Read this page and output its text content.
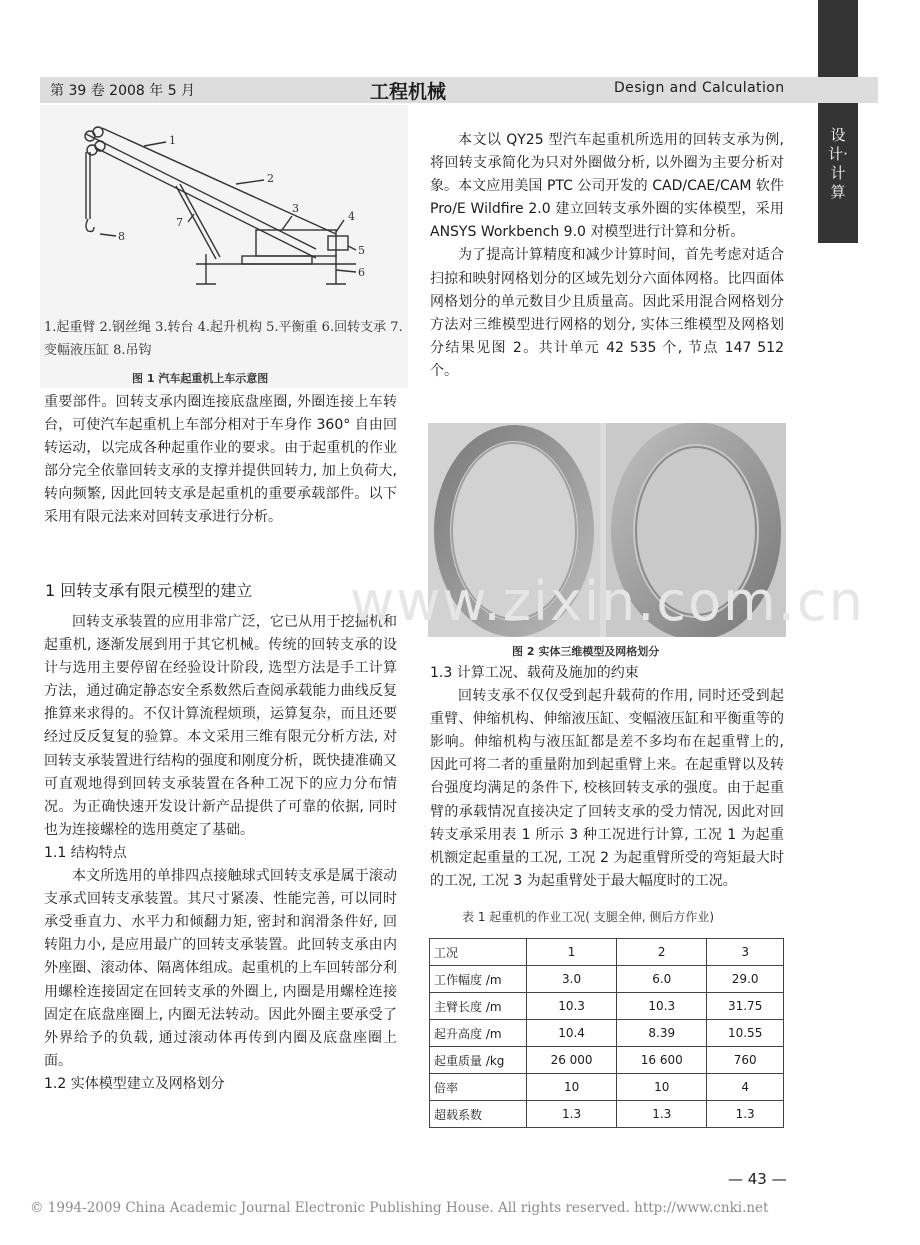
设计·计算
第 39 卷 2008 年 5 月	工程机械	Design and Calculation
1
2
3
4
5
6
7
8
1.起重臂 2.钢丝绳 3.转台 4.起升机构 5.平衡重 6.回转支承 7.变幅液压缸 8.吊钩
图 1 汽车起重机上车示意图

重要部件。回转支承内圈连接底盘座圈, 外圈连接上车转台，可使汽车起重机上车部分相对于车身作 360° 自由回转运动，以完成各种起重作业的要求。由于起重机的作业部分完全依靠回转支承的支撑并提供回转力, 加上负荷大, 转向频繁, 因此回转支承是起重机的重要承载部件。以下采用有限元法来对回转支承进行分析。

1 回转支承有限元模型的建立

回转支承装置的应用非常广泛，它已从用于挖掘机和起重机, 逐渐发展到用于其它机械。传统的回转支承的设计与选用主要停留在经验设计阶段, 选型方法是手工计算方法，通过确定静态安全系数然后查阅承载能力曲线反复推算来求得的。不仅计算流程烦琐，运算复杂，而且还要经过反反复复的验算。本文采用三维有限元分析方法, 对回转支承装置进行结构的强度和刚度分析，既快捷准确又可直观地得到回转支承装置在各种工况下的应力分布情况。为正确快速开发设计新产品提供了可靠的依据, 同时也为连接螺栓的选用奠定了基础。

1.1 结构特点

本文所选用的单排四点接触球式回转支承是属于滚动支承式回转支承装置。其尺寸紧凑、性能完善, 可以同时承受垂直力、水平力和倾翻力矩, 密封和润滑条件好, 回转阻力小, 是应用最广的回转支承装置。此回转支承由内外座圈、滚动体、隔离体组成。起重机的上车回转部分利用螺栓连接固定在回转支承的外圈上, 内圈是用螺栓连接固定在底盘座圈上, 内圈无法转动。因此外圈主要承受了外界给予的负载, 通过滚动体再传到内圈及底盘座圈上面。

1.2 实体模型建立及网格划分

本文以 QY25 型汽车起重机所选用的回转支承为例, 将回转支承简化为只对外圈做分析, 以外圈为主要分析对象。本文应用美国 PTC 公司开发的 CAD/CAE/CAM 软件 Pro/E Wildfire 2.0 建立回转支承外圈的实体模型，采用 ANSYS Workbench 9.0 对模型进行计算和分析。

为了提高计算精度和减少计算时间，首先考虑对适合扫掠和映射网格划分的区域先划分六面体网格。比四面体网格划分的单元数目少且质量高。因此采用混合网格划分方法对三维模型进行网格的划分, 实体三维模型及网格划分结果见图 2。共计单元 42 535 个, 节点 147 512 个。

www.zixin.com.cn
图 2 实体三维模型及网格划分

1.3 计算工况、载荷及施加的约束

回转支承不仅仅受到起升载荷的作用, 同时还受到起重臂、伸缩机构、伸缩液压缸、变幅液压缸和平衡重等的影响。伸缩机构与液压缸都是差不多均布在起重臂上的, 因此可将二者的重量附加到起重臂上来。在起重臂以及转台强度均满足的条件下, 校核回转支承的强度。由于起重臂的承载情况直接决定了回转支承的受力情况, 因此对回转支承采用表 1 所示 3 种工况进行计算, 工况 1 为起重机额定起重量的工况, 工况 2 为起重臂所受的弯矩最大时的工况, 工况 3 为起重臂处于最大幅度时的工况。

表 1 起重机的作业工况( 支腿全伸, 侧后方作业)
工况	1	2	3
工作幅度 /m	3.0	6.0	29.0
主臂长度 /m	10.3	10.3	31.75
起升高度 /m	10.4	8.39	10.55
起重质量 /kg	26 000	16 600	760
倍率	10	10	4
超载系数	1.3	1.3	1.3
— 43 —
© 1994-2009 China Academic Journal Electronic Publishing House. All rights reserved. http://www.cnki.net
